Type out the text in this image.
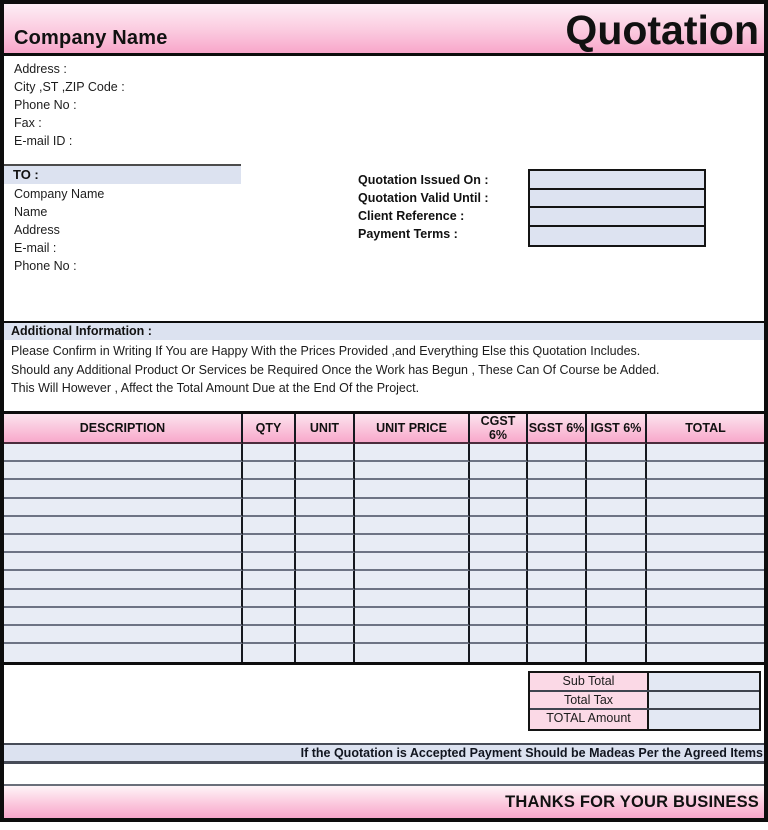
Company Name	Quotation
Address :
City ,ST ,ZIP Code :
Phone No :
Fax :
E-mail ID :
TO :
Company Name
Name
Address
E-mail :
Phone No :
Quotation Issued On :
Quotation Valid Until :
Client Reference :
Payment Terms :
Additional Information :
Please Confirm in Writing If You are Happy With the Prices Provided ,and Everything Else this Quotation Includes.
Should any Additional Product Or Services be Required Once the Work has Begun , These Can Of Course be Added.
This Will However , Affect the Total Amount Due at the End Of the Project.
DESCRIPTION	QTY	UNIT	UNIT PRICE	CGST 6%	SGST 6%	IGST 6%	TOTAL

Sub Total
Total Tax
TOTAL Amount
If the Quotation is Accepted Payment Should be Madeas Per the Agreed Items
THANKS FOR YOUR BUSINESS
